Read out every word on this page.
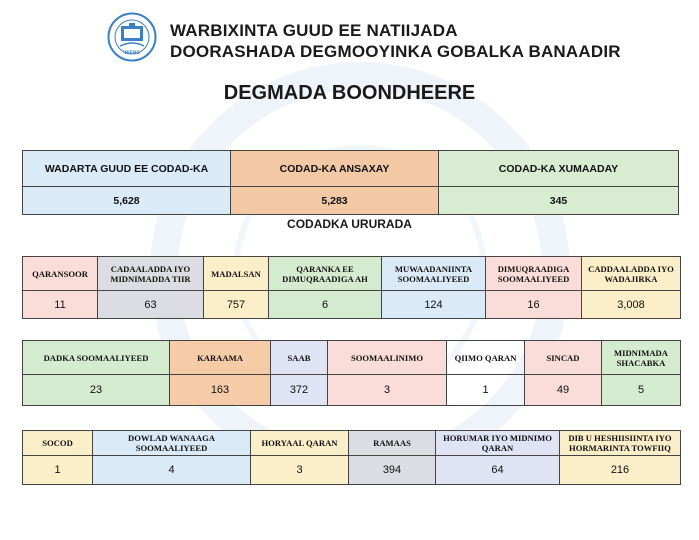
NIEBC
WARBIXINTA GUUD EE NATIIJADA
DOORASHADA DEGMOOYINKA GOBALKA BANAADIR
DEGMADA BOONDHEERE
WADARTA GUUD EE CODAD-KA	CODAD-KA ANSAXAY	CODAD-KA XUMAADAY
5,628	5,283	345
CODADKA URURADA
QARANSOOR	CADAALADDA IYO MIDNIMADDA TIIR	MADALSAN	QARANKA EE DIMUQRAADIGA AH	MUWAADANIINTA SOOMAALIYEED	DIMUQRAADIGA SOOMAALIYEED	CADDAALADDA IYO WADAJIRKA
11	63	757	6	124	16	3,008
DADKA SOOMAALIYEED	KARAAMA	SAAB	SOOMAALINIMO	QIIMO QARAN	SINCAD	MIDNIMADA SHACABKA
23	163	372	3	1	49	5
SOCOD	DOWLAD WANAAGA SOOMAALIYEED	HORYAAL QARAN	RAMAAS	HORUMAR IYO MIDNIMO QARAN	DIB U HESHIISIINTA IYO HORMARINTA TOWFIIQ
1	4	3	394	64	216
